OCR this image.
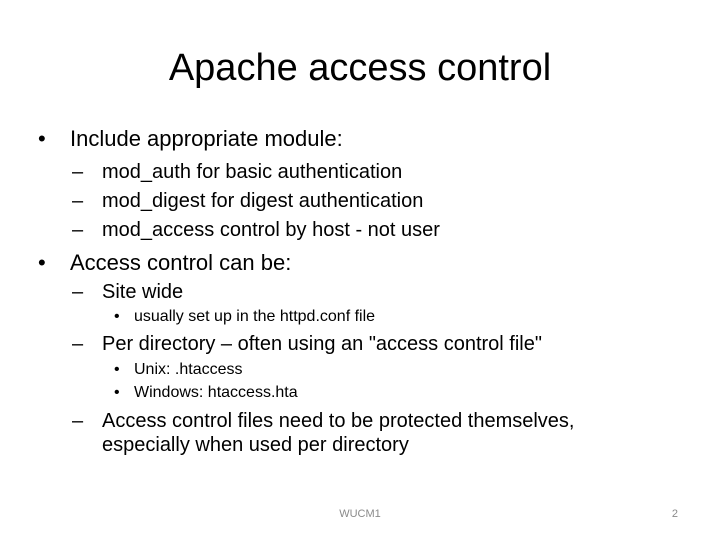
Apache access control
• Include appropriate module:
– mod_auth for basic authentication
– mod_digest for digest authentication
– mod_access control by host - not user
• Access control can be:
– Site wide
• usually set up in the httpd.conf file
– Per directory – often using an "access control file"
• Unix: .htaccess
• Windows: htaccess.hta
– Access control files need to be protected themselves,
especially when used per directory
WUCM1	2
